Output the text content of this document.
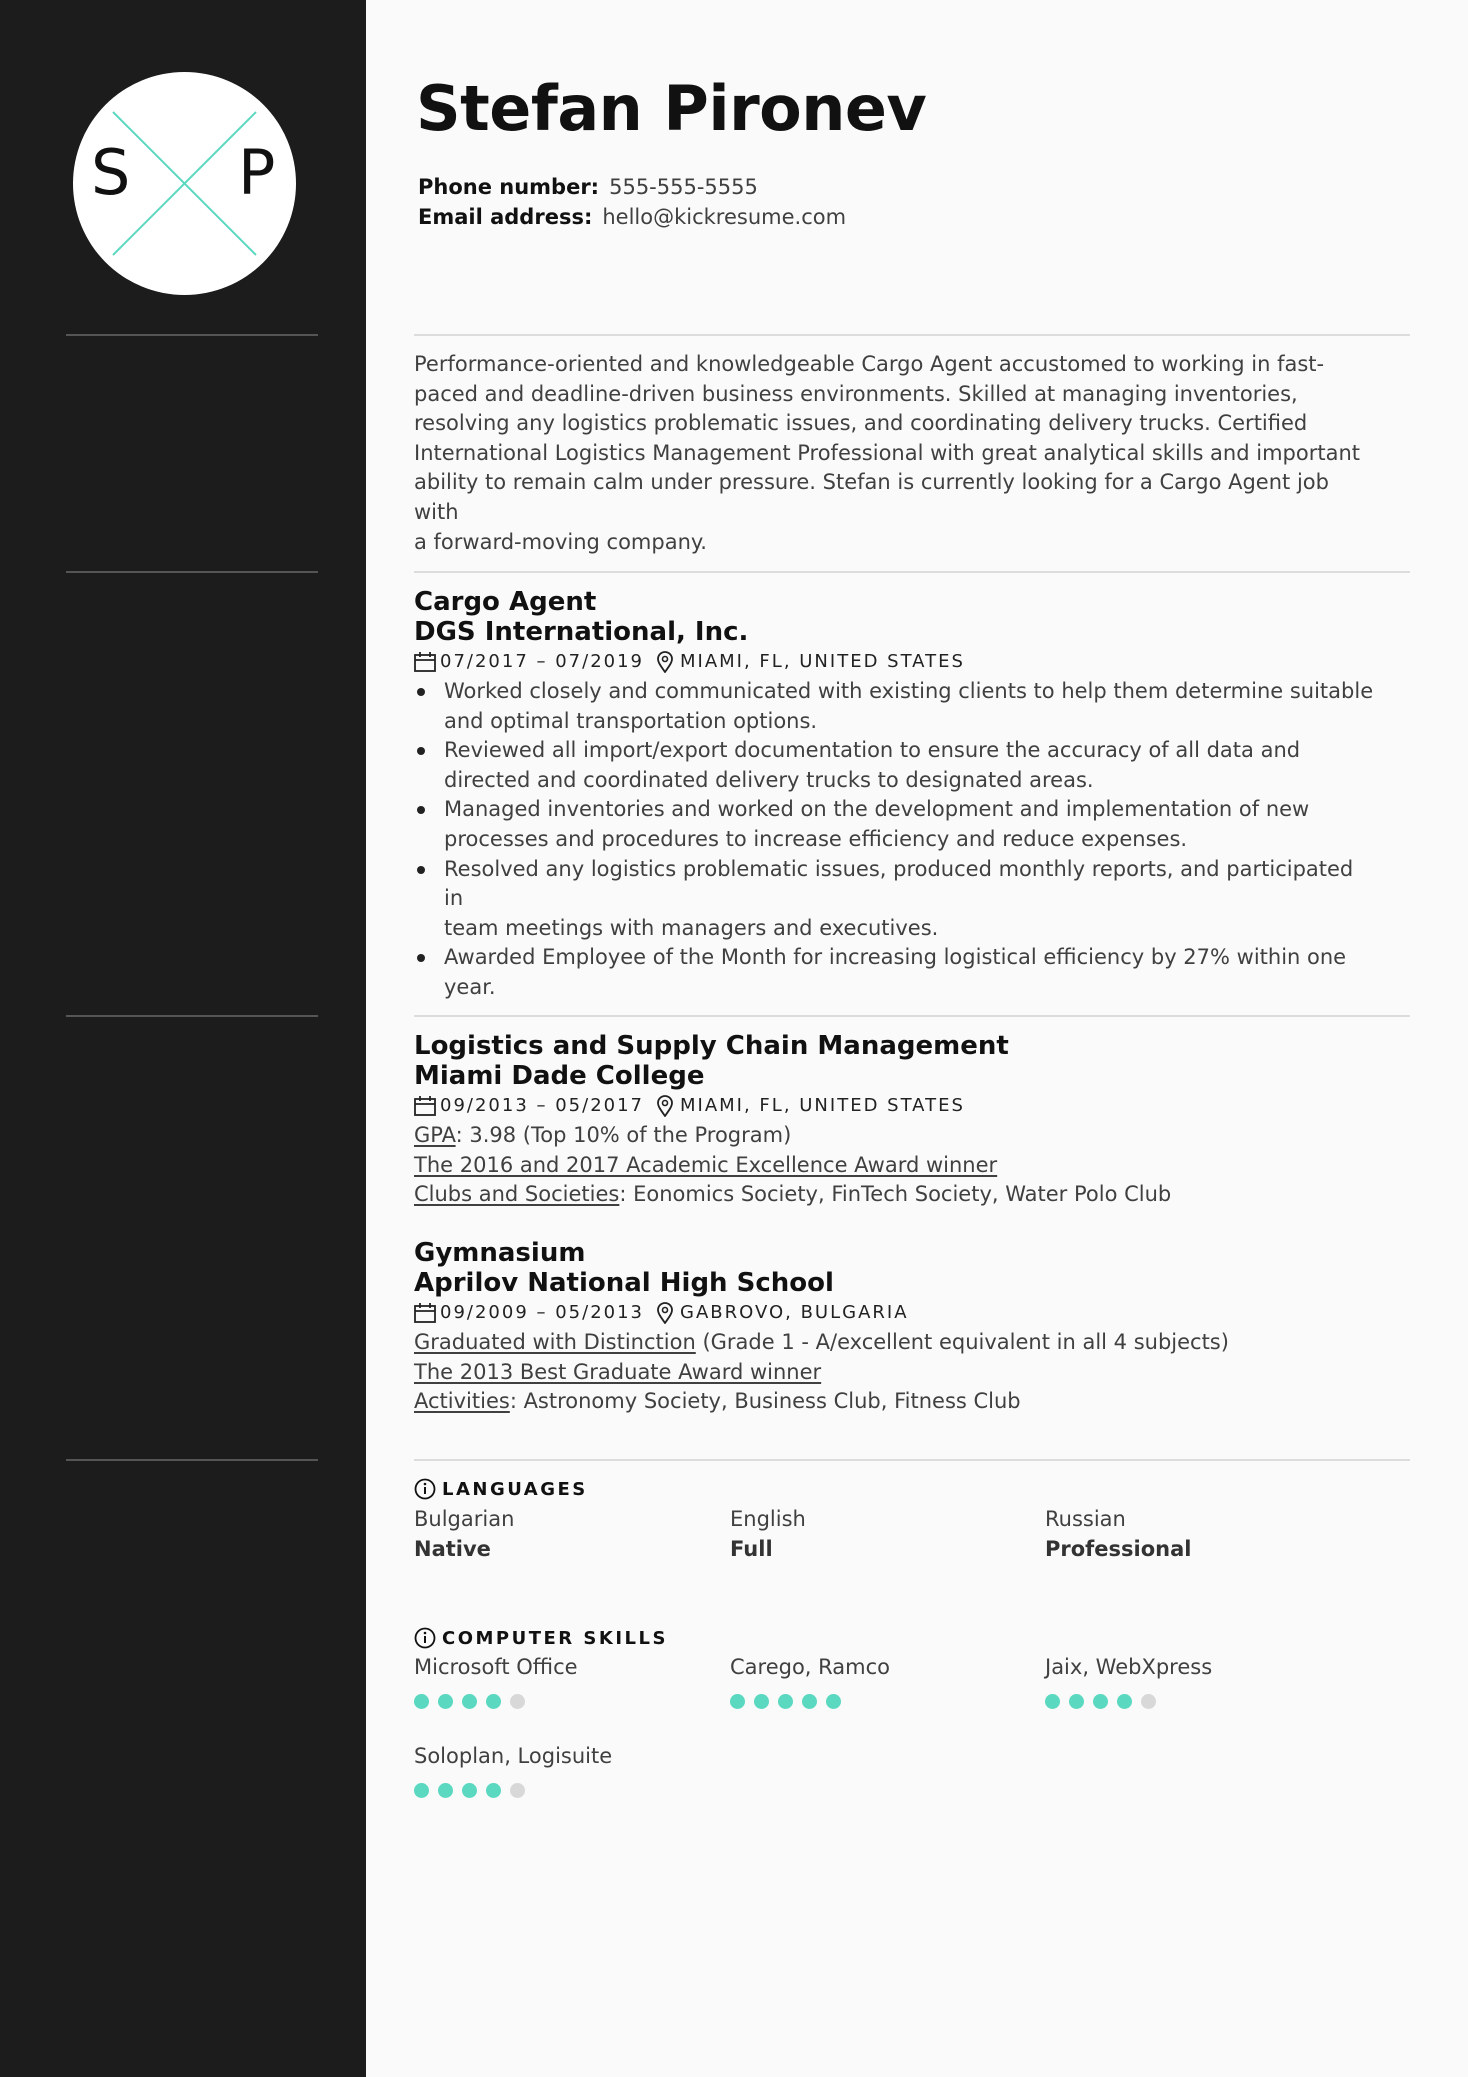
S P
Stefan Pironev
Phone number: 555-555-5555
Email address: hello@kickresume.com
Performance-oriented and knowledgeable Cargo Agent accustomed to working in fast-
paced and deadline-driven business environments. Skilled at managing inventories,
resolving any logistics problematic issues, and coordinating delivery trucks. Certified
International Logistics Management Professional with great analytical skills and important
ability to remain calm under pressure. Stefan is currently looking for a Cargo Agent job with
a forward-moving company.
Cargo Agent
DGS International, Inc.
07/2017 – 07/2019 MIAMI, FL, UNITED STATES
Worked closely and communicated with existing clients to help them determine suitable
and optimal transportation options.
Reviewed all import/export documentation to ensure the accuracy of all data and
directed and coordinated delivery trucks to designated areas.
Managed inventories and worked on the development and implementation of new
processes and procedures to increase efficiency and reduce expenses.
Resolved any logistics problematic issues, produced monthly reports, and participated in
team meetings with managers and executives.
Awarded Employee of the Month for increasing logistical efficiency by 27% within one
year.
Logistics and Supply Chain Management
Miami Dade College
09/2013 – 05/2017 MIAMI, FL, UNITED STATES
GPA: 3.98 (Top 10% of the Program)
The 2016 and 2017 Academic Excellence Award winner
Clubs and Societies: Eonomics Society, FinTech Society, Water Polo Club
Gymnasium
Aprilov National High School
09/2009 – 05/2013 GABROVO, BULGARIA
Graduated with Distinction (Grade 1 - A/excellent equivalent in all 4 subjects)
The 2013 Best Graduate Award winner
Activities: Astronomy Society, Business Club, Fitness Club
LANGUAGES
Bulgarian
Native
English
Full
Russian
Professional
COMPUTER SKILLS
Microsoft Office	Carego, Ramco	Jaix, WebXpress
Soloplan, Logisuite
